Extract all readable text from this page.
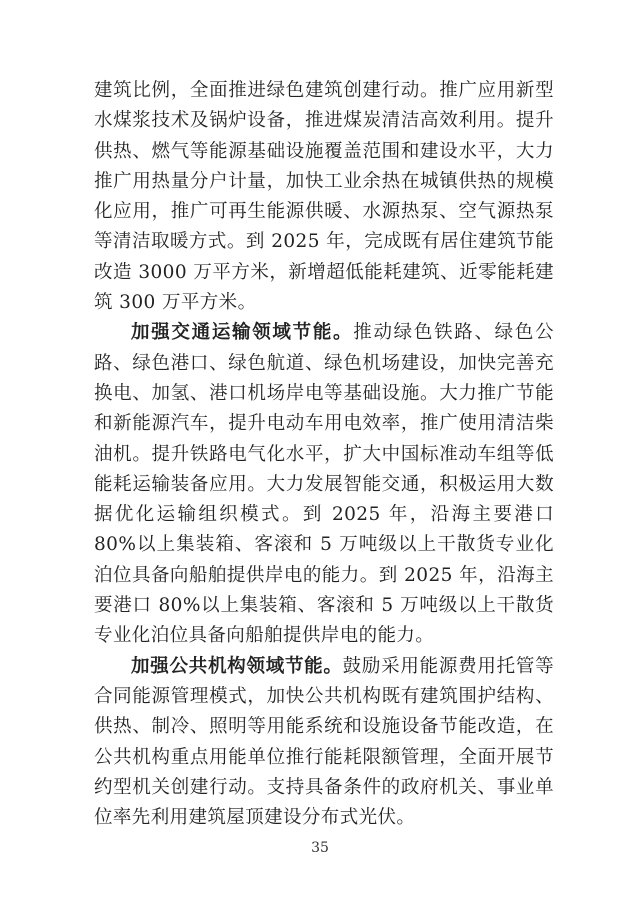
建筑比例，全面推进绿色建筑创建行动。推广应用新型水煤浆技术及锅炉设备，推进煤炭清洁高效利用。提升供热、燃气等能源基础设施覆盖范围和建设水平，大力推广用热量分户计量，加快工业余热在城镇供热的规模化应用，推广可再生能源供暖、水源热泵、空气源热泵等清洁取暖方式。到 2025 年，完成既有居住建筑节能改造 3000 万平方米，新增超低能耗建筑、近零能耗建筑 300 万平方米。

加强交通运输领域节能。推动绿色铁路、绿色公路、绿色港口、绿色航道、绿色机场建设，加快完善充换电、加氢、港口机场岸电等基础设施。大力推广节能和新能源汽车，提升电动车用电效率，推广使用清洁柴油机。提升铁路电气化水平，扩大中国标准动车组等低能耗运输装备应用。大力发展智能交通，积极运用大数据优化运输组织模式。到 2025 年，沿海主要港口 80%以上集装箱、客滚和 5 万吨级以上干散货专业化泊位具备向船舶提供岸电的能力。到 2025 年，沿海主要港口 80%以上集装箱、客滚和 5 万吨级以上干散货专业化泊位具备向船舶提供岸电的能力。

加强公共机构领域节能。鼓励采用能源费用托管等合同能源管理模式，加快公共机构既有建筑围护结构、供热、制冷、照明等用能系统和设施设备节能改造，在公共机构重点用能单位推行能耗限额管理，全面开展节约型机关创建行动。支持具备条件的政府机关、事业单位率先利用建筑屋顶建设分布式光伏。

35
